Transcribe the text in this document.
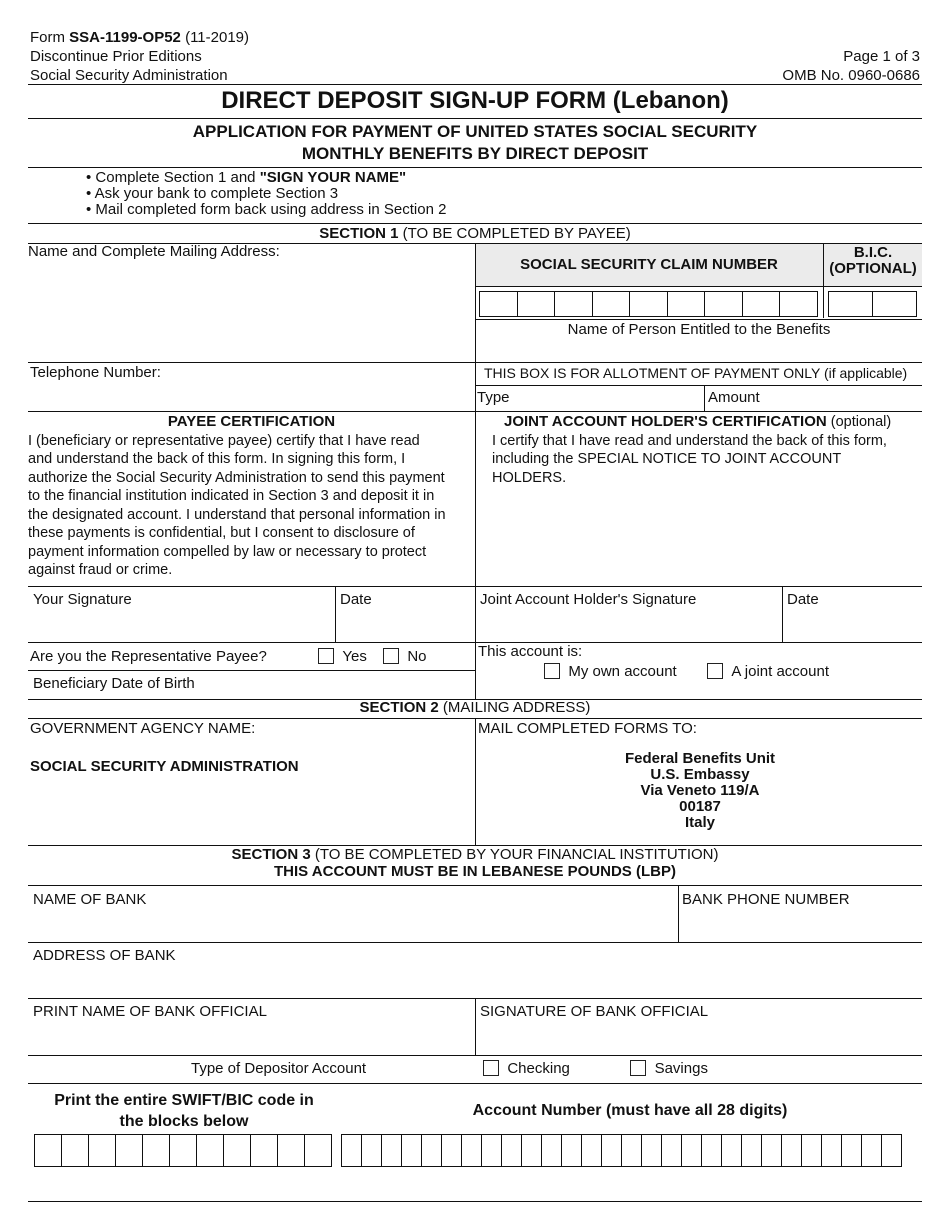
Form SSA-1199-OP52 (11-2019)
Discontinue Prior Editions
Social Security Administration
Page 1 of 3
OMB No. 0960-0686
DIRECT DEPOSIT SIGN-UP FORM (Lebanon)
APPLICATION FOR PAYMENT OF UNITED STATES SOCIAL SECURITY
MONTHLY BENEFITS BY DIRECT DEPOSIT
• Complete Section 1 and "SIGN YOUR NAME"
• Ask your bank to complete Section 3
• Mail completed form back using address in Section 2
SECTION 1 (TO BE COMPLETED BY PAYEE)
Name and Complete Mailing Address:
SOCIAL SECURITY CLAIM NUMBER
B.I.C.
(OPTIONAL)
Name of Person Entitled to the Benefits
Telephone Number:	THIS BOX IS FOR ALLOTMENT OF PAYMENT ONLY (if applicable)
Type	Amount
PAYEE CERTIFICATION
I (beneficiary or representative payee) certify that I have read
and understand the back of this form. In signing this form, I
authorize the Social Security Administration to send this payment
to the financial institution indicated in Section 3 and deposit it in
the designated account. I understand that personal information in
these payments is confidential, but I consent to disclosure of
payment information compelled by law or necessary to protect
against fraud or crime.
JOINT ACCOUNT HOLDER'S CERTIFICATION (optional)
I certify that I have read and understand the back of this form,
including the SPECIAL NOTICE TO JOINT ACCOUNT
HOLDERS.
Your Signature	Date	Joint Account Holder's Signature	Date
Are you the Representative Payee?	Yes	No	This account is:
My own account	A joint account
Beneficiary Date of Birth
SECTION 2 (MAILING ADDRESS)
GOVERNMENT AGENCY NAME:
SOCIAL SECURITY ADMINISTRATION
MAIL COMPLETED FORMS TO:
Federal Benefits Unit
U.S. Embassy
Via Veneto 119/A
00187
Italy
SECTION 3 (TO BE COMPLETED BY YOUR FINANCIAL INSTITUTION)
THIS ACCOUNT MUST BE IN LEBANESE POUNDS (LBP)
NAME OF BANK	BANK PHONE NUMBER
ADDRESS OF BANK
PRINT NAME OF BANK OFFICIAL	SIGNATURE OF BANK OFFICIAL
Type of Depositor Account	Checking	Savings
Print the entire SWIFT/BIC code in
the blocks below
Account Number (must have all 28 digits)
